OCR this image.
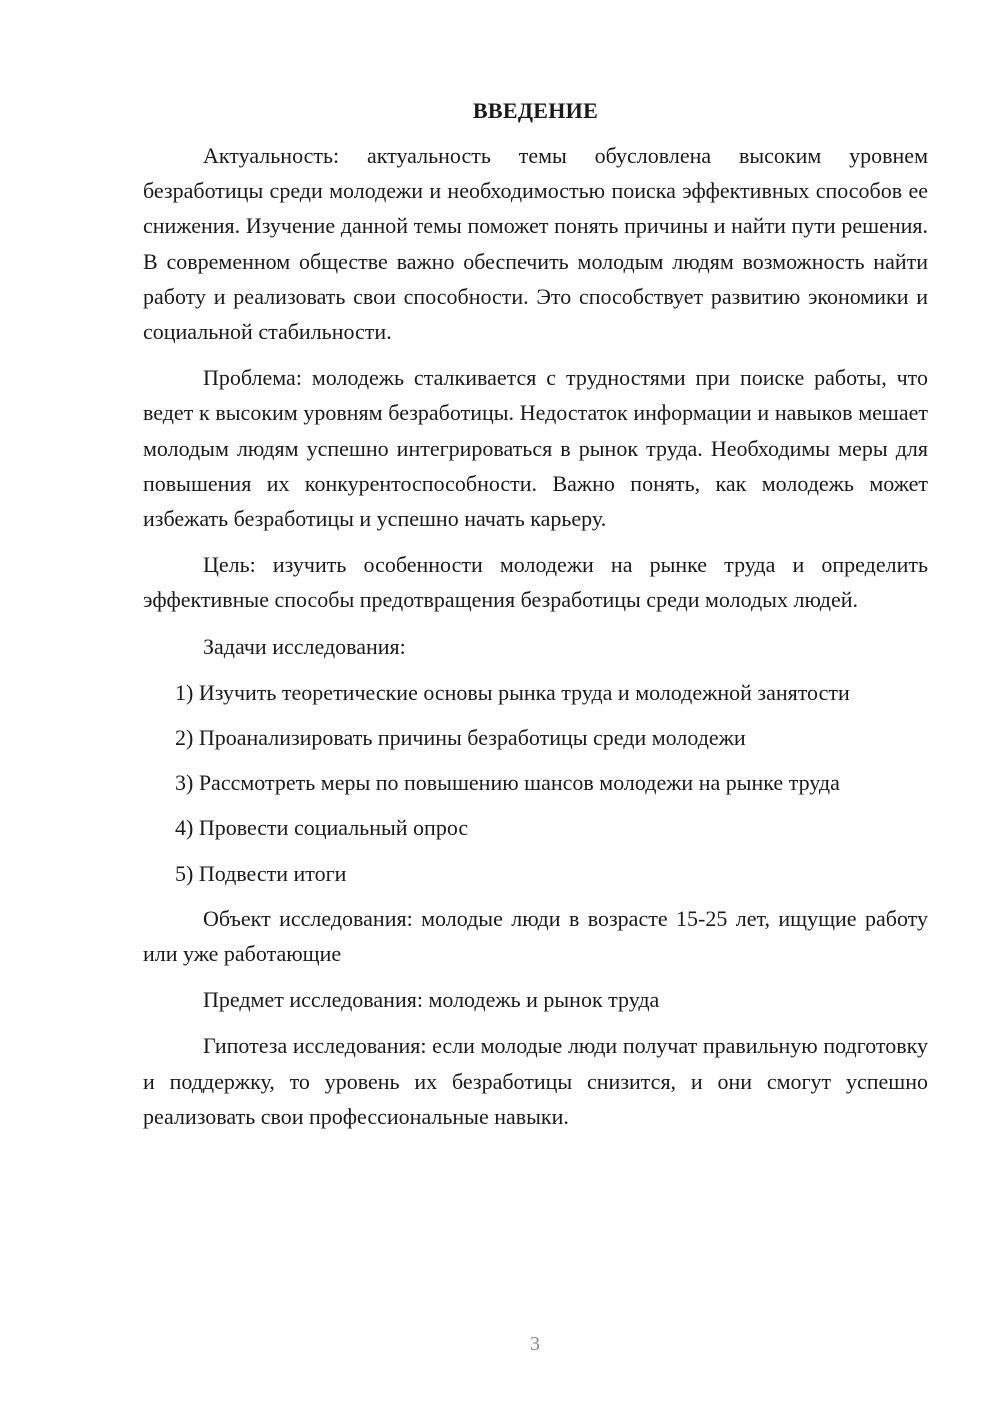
ВВЕДЕНИЕ

Актуальность: актуальность темы обусловлена высоким уровнем безработицы среди молодежи и необходимостью поиска эффективных способов ее снижения. Изучение данной темы поможет понять причины и найти пути решения. В современном обществе важно обеспечить молодым людям возможность найти работу и реализовать свои способности. Это способствует развитию экономики и социальной стабильности.

Проблема: молодежь сталкивается с трудностями при поиске работы, что ведет к высоким уровням безработицы. Недостаток информации и навыков мешает молодым людям успешно интегрироваться в рынок труда. Необходимы меры для повышения их конкурентоспособности. Важно понять, как молодежь может избежать безработицы и успешно начать карьеру.

Цель: изучить особенности молодежи на рынке труда и определить эффективные способы предотвращения безработицы среди молодых людей.

Задачи исследования:

1) Изучить теоретические основы рынка труда и молодежной занятости

2) Проанализировать причины безработицы среди молодежи

3) Рассмотреть меры по повышению шансов молодежи на рынке труда

4) Провести социальный опрос

5) Подвести итоги

Объект исследования: молодые люди в возрасте 15-25 лет, ищущие работу или уже работающие

Предмет исследования: молодежь и рынок труда

Гипотеза исследования: если молодые люди получат правильную подготовку и поддержку, то уровень их безработицы снизится, и они смогут успешно реализовать свои профессиональные навыки.

3
